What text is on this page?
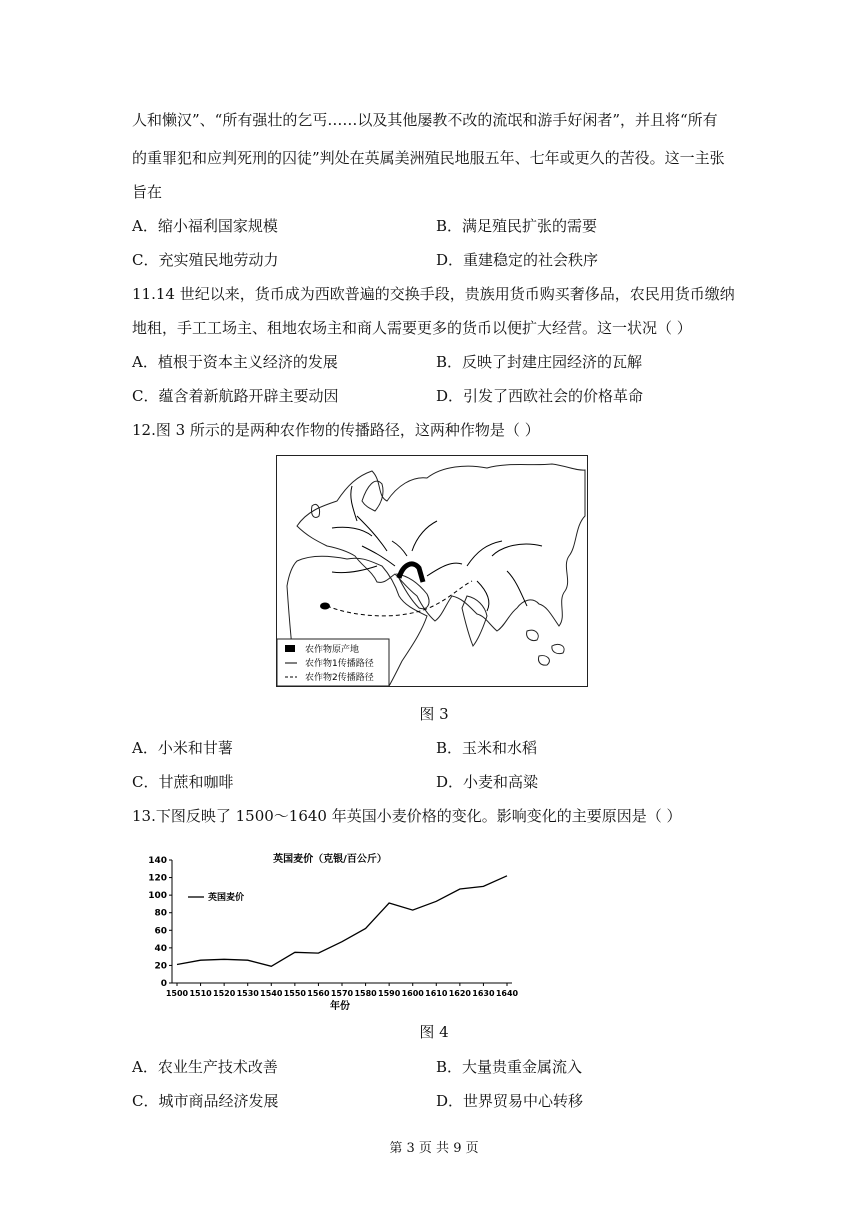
人和懒汉”、“所有强壮的乞丐……以及其他屡教不改的流氓和游手好闲者”，并且将“所有
的重罪犯和应判死刑的囚徒”判处在英属美洲殖民地服五年、七年或更久的苦役。这一主张
旨在
A．缩小福利国家规模	B．满足殖民扩张的需要
C．充实殖民地劳动力	D．重建稳定的社会秩序
11.14 世纪以来，货币成为西欧普遍的交换手段，贵族用货币购买奢侈品，农民用货币缴纳
地租，手工工场主、租地农场主和商人需要更多的货币以便扩大经营。这一状况（ ）
A．植根于资本主义经济的发展	B．反映了封建庄园经济的瓦解
C．蕴含着新航路开辟主要动因	D．引发了西欧社会的价格革命
12.图 3 所示的是两种农作物的传播路径，这两种作物是（ ）
农作物原产地
农作物1传播路径
农作物2传播路径
图 3
A．小米和甘薯	B．玉米和水稻
C．甘蔗和咖啡	D．小麦和高粱
13.下图反映了 1500～1640 年英国小麦价格的变化。影响变化的主要原因是（ ）
0
20
40
60
80
100
120
140
1500 1510 1520 1530 1540 1550 1560 1570 1580 1590 1600 1610 1620 1630 1640
英国麦价（克银/百公斤）
年份
英国麦价
图 4
A．农业生产技术改善	B．大量贵重金属流入
C．城市商品经济发展	D．世界贸易中心转移
第 3 页 共 9 页
